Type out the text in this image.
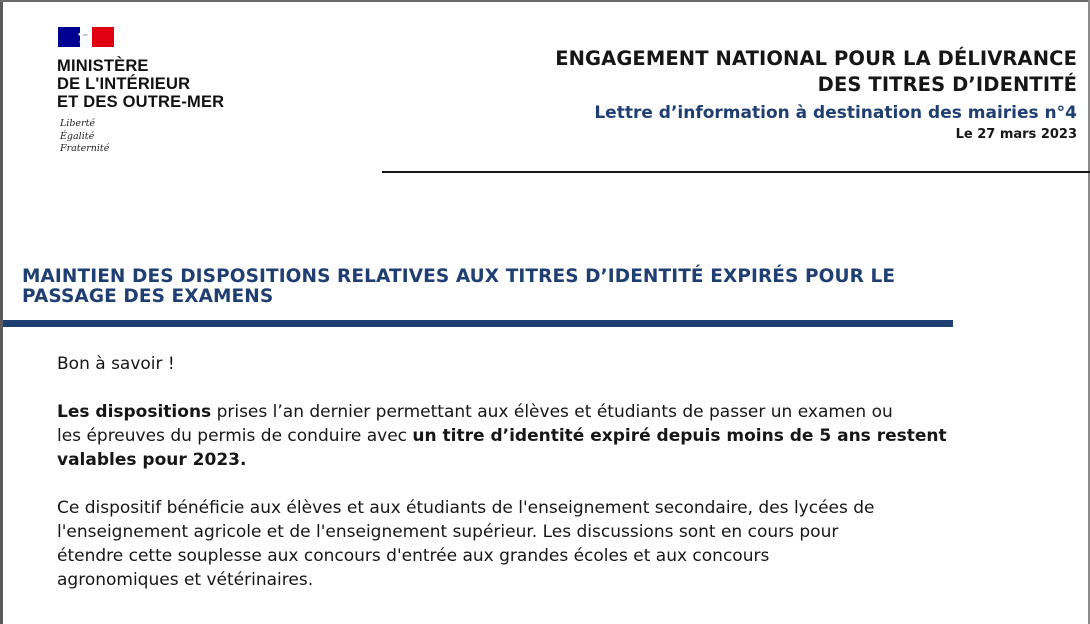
MINISTÈRE
DE L'INTÉRIEUR
ET DES OUTRE-MER
Liberté
Égalité
Fraternité
ENGAGEMENT NATIONAL POUR LA DÉLIVRANCE
DES TITRES D’IDENTITÉ
Lettre d’information à destination des mairies n°4
Le 27 mars 2023
MAINTIEN DES DISPOSITIONS RELATIVES AUX TITRES D’IDENTITÉ EXPIRÉS POUR LE
PASSAGE DES EXAMENS

Bon à savoir !

Les dispositions prises l’an dernier permettant aux élèves et étudiants de passer un examen ou
les épreuves du permis de conduire avec un titre d’identité expiré depuis moins de 5 ans restent
valables pour 2023.

Ce dispositif bénéficie aux élèves et aux étudiants de l'enseignement secondaire, des lycées de
l'enseignement agricole et de l'enseignement supérieur. Les discussions sont en cours pour
étendre cette souplesse aux concours d'entrée aux grandes écoles et aux concours
agronomiques et vétérinaires.
